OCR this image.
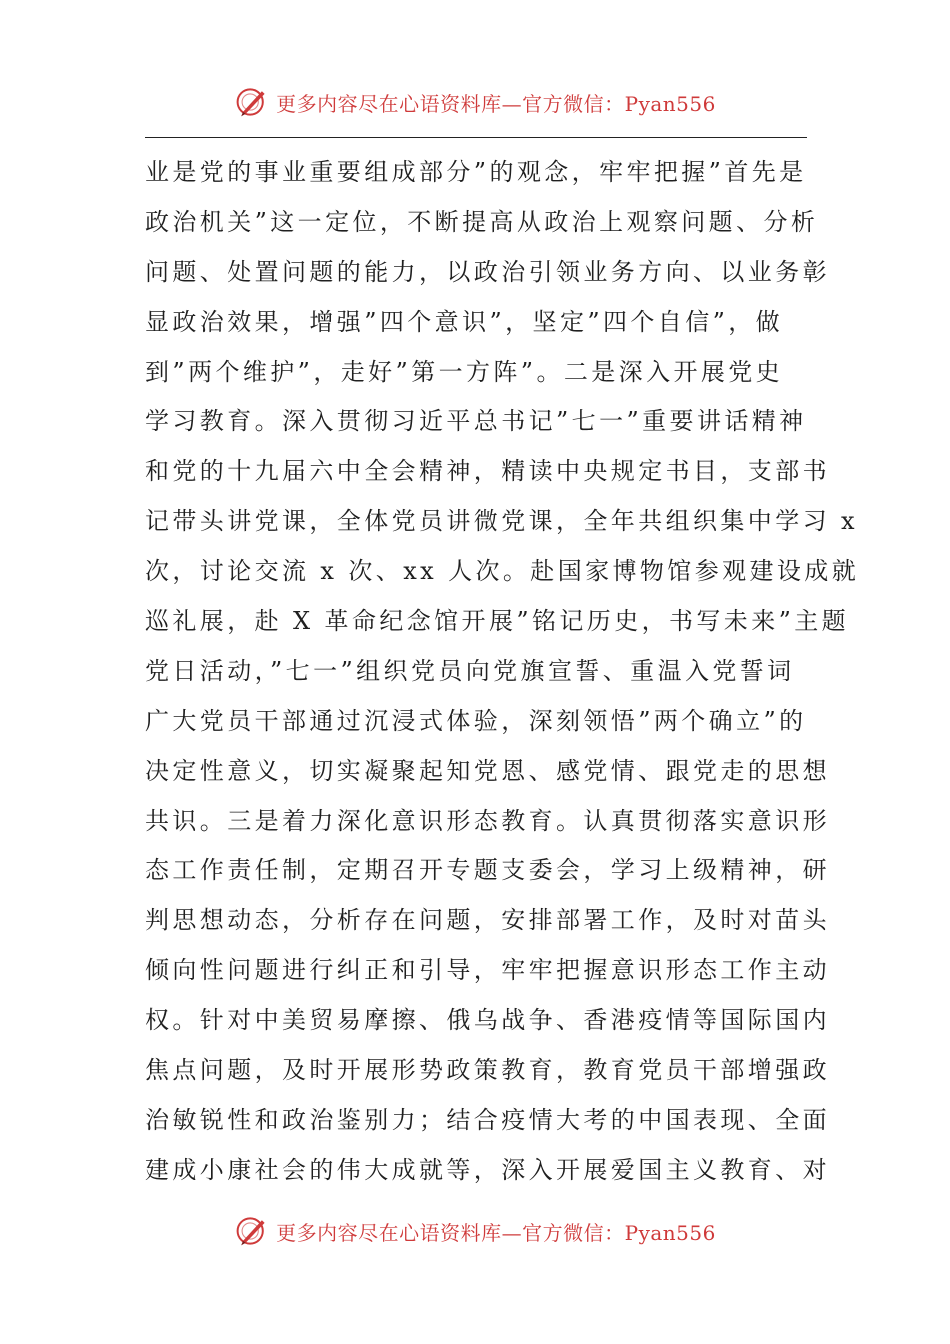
更多内容尽在心语资料库—官方微信：Pyan556
业是党的事业重要组成部分”的观念，牢牢把握”首先是
政治机关”这一定位，不断提高从政治上观察问题、分析
问题、处置问题的能力，以政治引领业务方向、以业务彰
显政治效果，增强”四个意识”，坚定”四个自信”，做
到”两个维护”，走好”第一方阵”。二是深入开展党史
学习教育。深入贯彻习近平总书记”七一”重要讲话精神
和党的十九届六中全会精神，精读中央规定书目，支部书
记带头讲党课，全体党员讲微党课，全年共组织集中学习 x
次，讨论交流 x 次、xx 人次。赴国家博物馆参观建设成就
巡礼展，赴 X 革命纪念馆开展”铭记历史，书写未来”主题
党日活动，”七一”组织党员向党旗宣誓、重温入党誓词
广大党员干部通过沉浸式体验，深刻领悟”两个确立”的
决定性意义，切实凝聚起知党恩、感党情、跟党走的思想
共识。三是着力深化意识形态教育。认真贯彻落实意识形
态工作责任制，定期召开专题支委会，学习上级精神，研
判思想动态，分析存在问题，安排部署工作，及时对苗头
倾向性问题进行纠正和引导，牢牢把握意识形态工作主动
权。针对中美贸易摩擦、俄乌战争、香港疫情等国际国内
焦点问题，及时开展形势政策教育，教育党员干部增强政
治敏锐性和政治鉴别力；结合疫情大考的中国表现、全面
建成小康社会的伟大成就等，深入开展爱国主义教育、对
更多内容尽在心语资料库—官方微信：Pyan556
